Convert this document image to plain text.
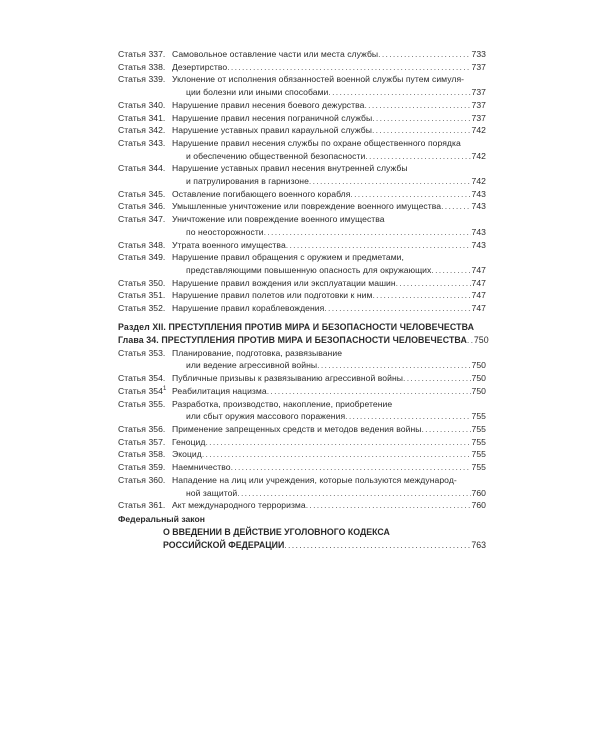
Статья 337. Самовольное оставление части или места службы .....	733
Статья 338. Дезертирство .....	737
Статья 339. Уклонение от исполнения обязанностей военной службы путем симуля-
ции болезни или иными способами .....	737
Статья 340. Нарушение правил несения боевого дежурства .....	737
Статья 341. Нарушение правил несения пограничной службы .....	737
Статья 342. Нарушение уставных правил караульной службы .....	742
Статья 343. Нарушение правил несения службы по охране общественного порядка
и обеспечению общественной безопасности .....	742
Статья 344. Нарушение уставных правил несения внутренней службы
и патрулирования в гарнизоне .....	742
Статья 345. Оставление погибающего военного корабля .....	743
Статья 346. Умышленные уничтожение или повреждение военного имущества .....	743
Статья 347. Уничтожение или повреждение военного имущества
по неосторожности .....	743
Статья 348. Утрата военного имущества .....	743
Статья 349. Нарушение правил обращения с оружием и предметами,
представляющими повышенную опасность для окружающих .....	747
Статья 350. Нарушение правил вождения или эксплуатации машин .....	747
Статья 351. Нарушение правил полетов или подготовки к ним .....	747
Статья 352. Нарушение правил кораблевождения .....	747
Раздел XII. ПРЕСТУПЛЕНИЯ ПРОТИВ МИРА И БЕЗОПАСНОСТИ ЧЕЛОВЕЧЕСТВА
Глава 34. ПРЕСТУПЛЕНИЯ ПРОТИВ МИРА И БЕЗОПАСНОСТИ ЧЕЛОВЕЧЕСТВА ..... 750
Статья 353. Планирование, подготовка, развязывание
или ведение агрессивной войны .....	750
Статья 354. Публичные призывы к развязыванию агрессивной войны .....	750
Статья $354^1$ Реабилитация нацизма .....	750
Статья 355. Разработка, производство, накопление, приобретение
или сбыт оружия массового поражения .....	755
Статья 356. Применение запрещенных средств и методов ведения войны .....	755
Статья 357. Геноцид .....	755
Статья 358. Экоцид .....	755
Статья 359. Наемничество .....	755
Статья 360. Нападение на лиц или учреждения, которые пользуются международ-
ной защитой .....	760
Статья 361. Акт международного терроризма .....	760
Федеральный закон
О ВВЕДЕНИИ В ДЕЙСТВИЕ УГОЛОВНОГО КОДЕКСА
РОССИЙСКОЙ ФЕДЕРАЦИИ .....	763
